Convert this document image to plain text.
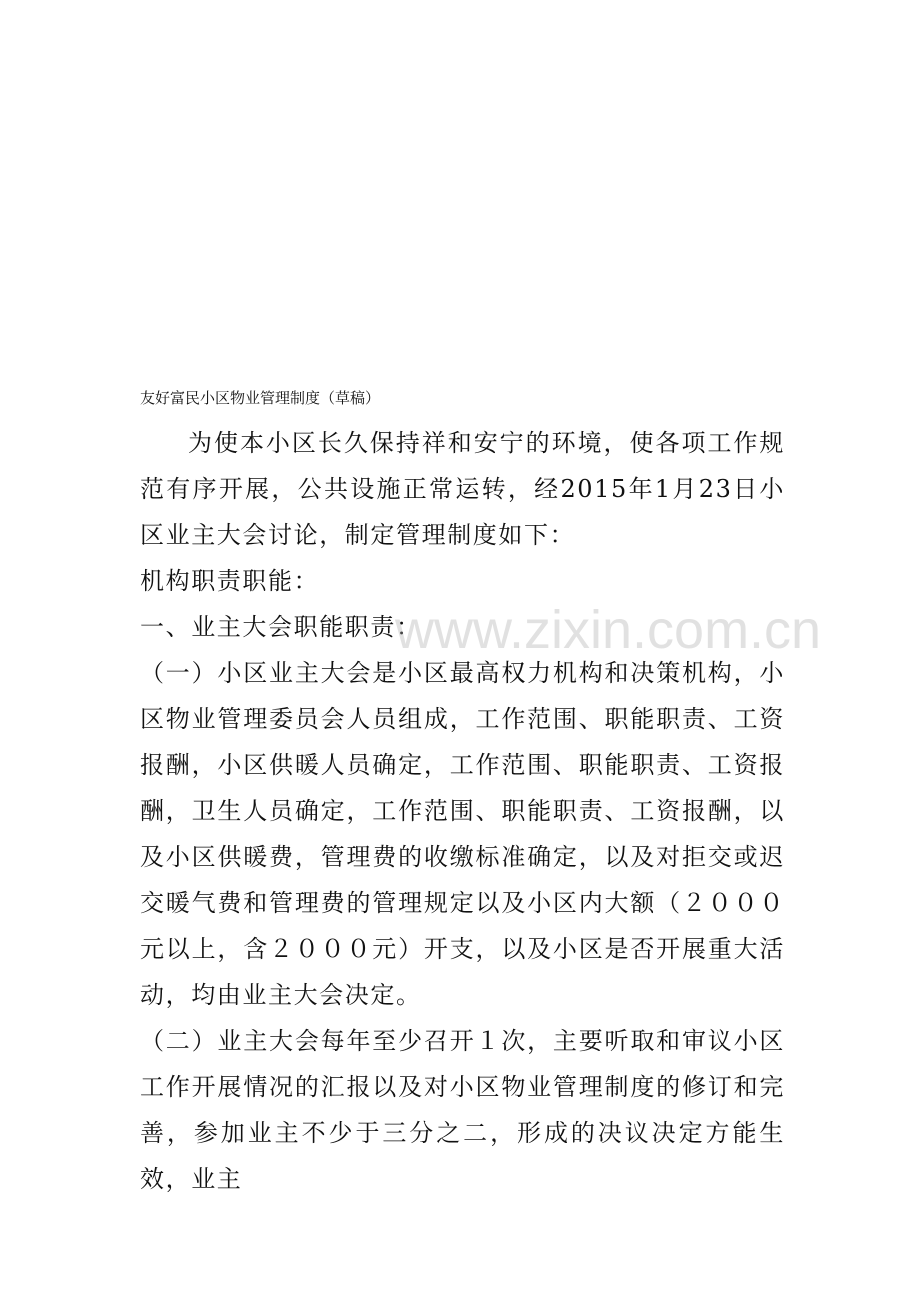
友好富民小区物业管理制度（草稿）

为使本小区长久保持祥和安宁的环境，使各项工作规范有序开展，公共设施正常运转，经2015年1月23日小区业主大会讨论，制定管理制度如下：

机构职责职能：

一、业主大会职能职责：

（一）小区业主大会是小区最高权力机构和决策机构，小区物业管理委员会人员组成，工作范围、职能职责、工资报酬，小区供暖人员确定，工作范围、职能职责、工资报酬，卫生人员确定，工作范围、职能职责、工资报酬，以及小区供暖费，管理费的收缴标准确定，以及对拒交或迟交暖气费和管理费的管理规定以及小区内大额（２０００元以上，含２０００元）开支，以及小区是否开展重大活动，均由业主大会决定。

（二）业主大会每年至少召开１次，主要听取和审议小区工作开展情况的汇报以及对小区物业管理制度的修订和完善，参加业主不少于三分之二，形成的决议决定方能生效，业主

www.zixin.com.cn
